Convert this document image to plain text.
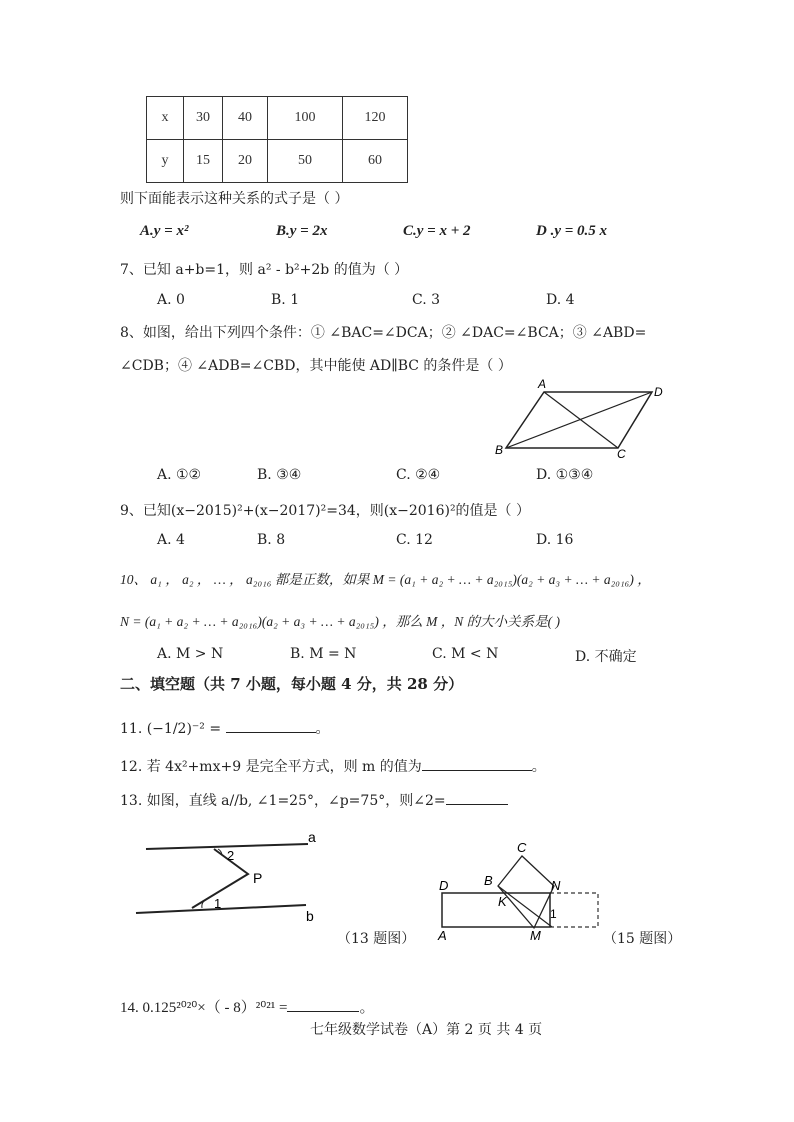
x	30	40	100	120
y	15	20	50	60
则下面能表示这种关系的式子是（ ）
A.y = x²	B.y = 2x	C.y = x + 2	D .y = 0.5 x
7、已知 a+b=1，则 a² - b²+2b 的值为（ ）
A. 0	B. 1	C. 3	D. 4
8、如图，给出下列四个条件：① ∠BAC=∠DCA；② ∠DAC=∠BCA；③ ∠ABD=
∠CDB；④ ∠ADB=∠CBD，其中能使 AD∥BC 的条件是（ ）
A
D
B	C
A. ①②	B. ③④	C. ②④	D. ①③④
9、已知(x−2015)²+(x−2017)²=34，则(x−2016)²的值是（ ）
A. 4	B. 8	C. 12	D. 16
10、 a₁ ， a₂ ， … ， a₂₀₁₆ 都是正数，如果 M = (a₁ + a₂ + … + a₂₀₁₅)(a₂ + a₃ + … + a₂₀₁₆) ，
N = (a₁ + a₂ + … + a₂₀₁₆)(a₂ + a₃ + … + a₂₀₁₅) ，那么 M ，N 的大小关系是( )
A. M > N	B. M = N	C. M < N	D. 不确定
二、填空题（共 7 小题，每小题 4 分，共 28 分）
11. (−1/2)⁻² =	。
12. 若 4x²+mx+9 是完全平方式，则 m 的值为	。
13. 如图，直线 a//b, ∠1=25°，∠p=75°，则∠2=
a
b
P
2
1
（13 题图）
C
B	N
D
K
1
A	M	（15 题图）
14. 0.125²⁰²⁰×（ - 8）²⁰²¹ =	。
七年级数学试卷（A）第 2 页 共 4 页
